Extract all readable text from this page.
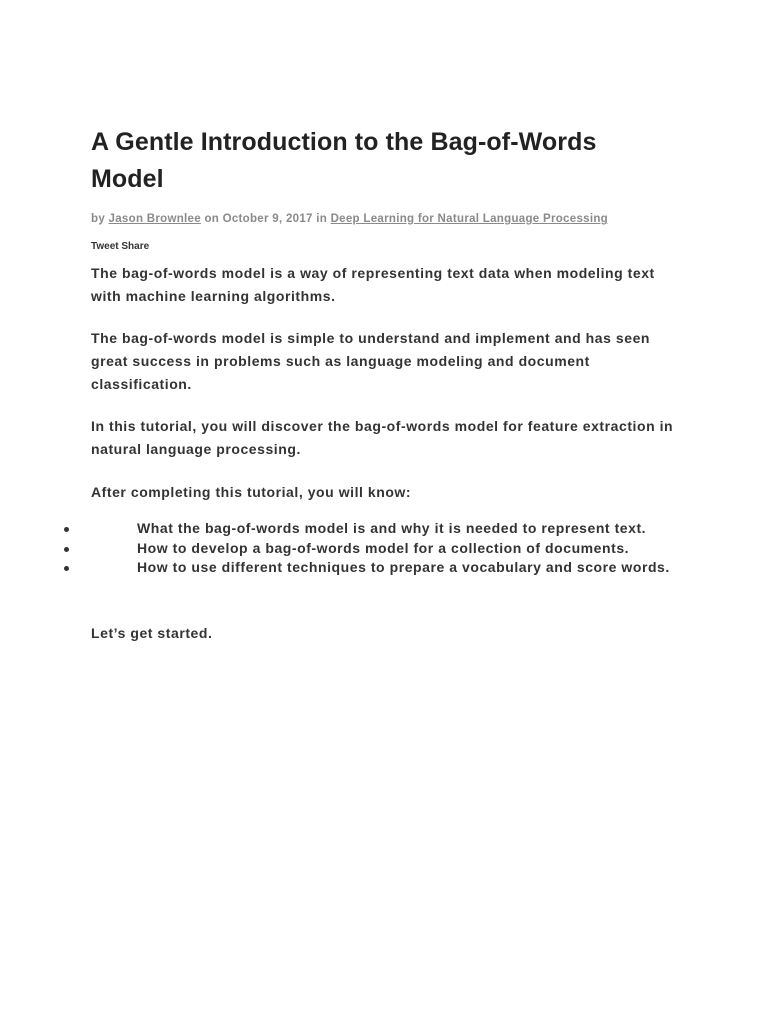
A Gentle Introduction to the Bag-of-Words Model
by Jason Brownlee on October 9, 2017 in Deep Learning for Natural Language Processing
Tweet Share

The bag-of-words model is a way of representing text data when modeling text with machine learning algorithms.

The bag-of-words model is simple to understand and implement and has seen great success in problems such as language modeling and document classification.

In this tutorial, you will discover the bag-of-words model for feature extraction in natural language processing.

After completing this tutorial, you will know:

What the bag-of-words model is and why it is needed to represent text.
How to develop a bag-of-words model for a collection of documents.
How to use different techniques to prepare a vocabulary and score words.

Let’s get started.
